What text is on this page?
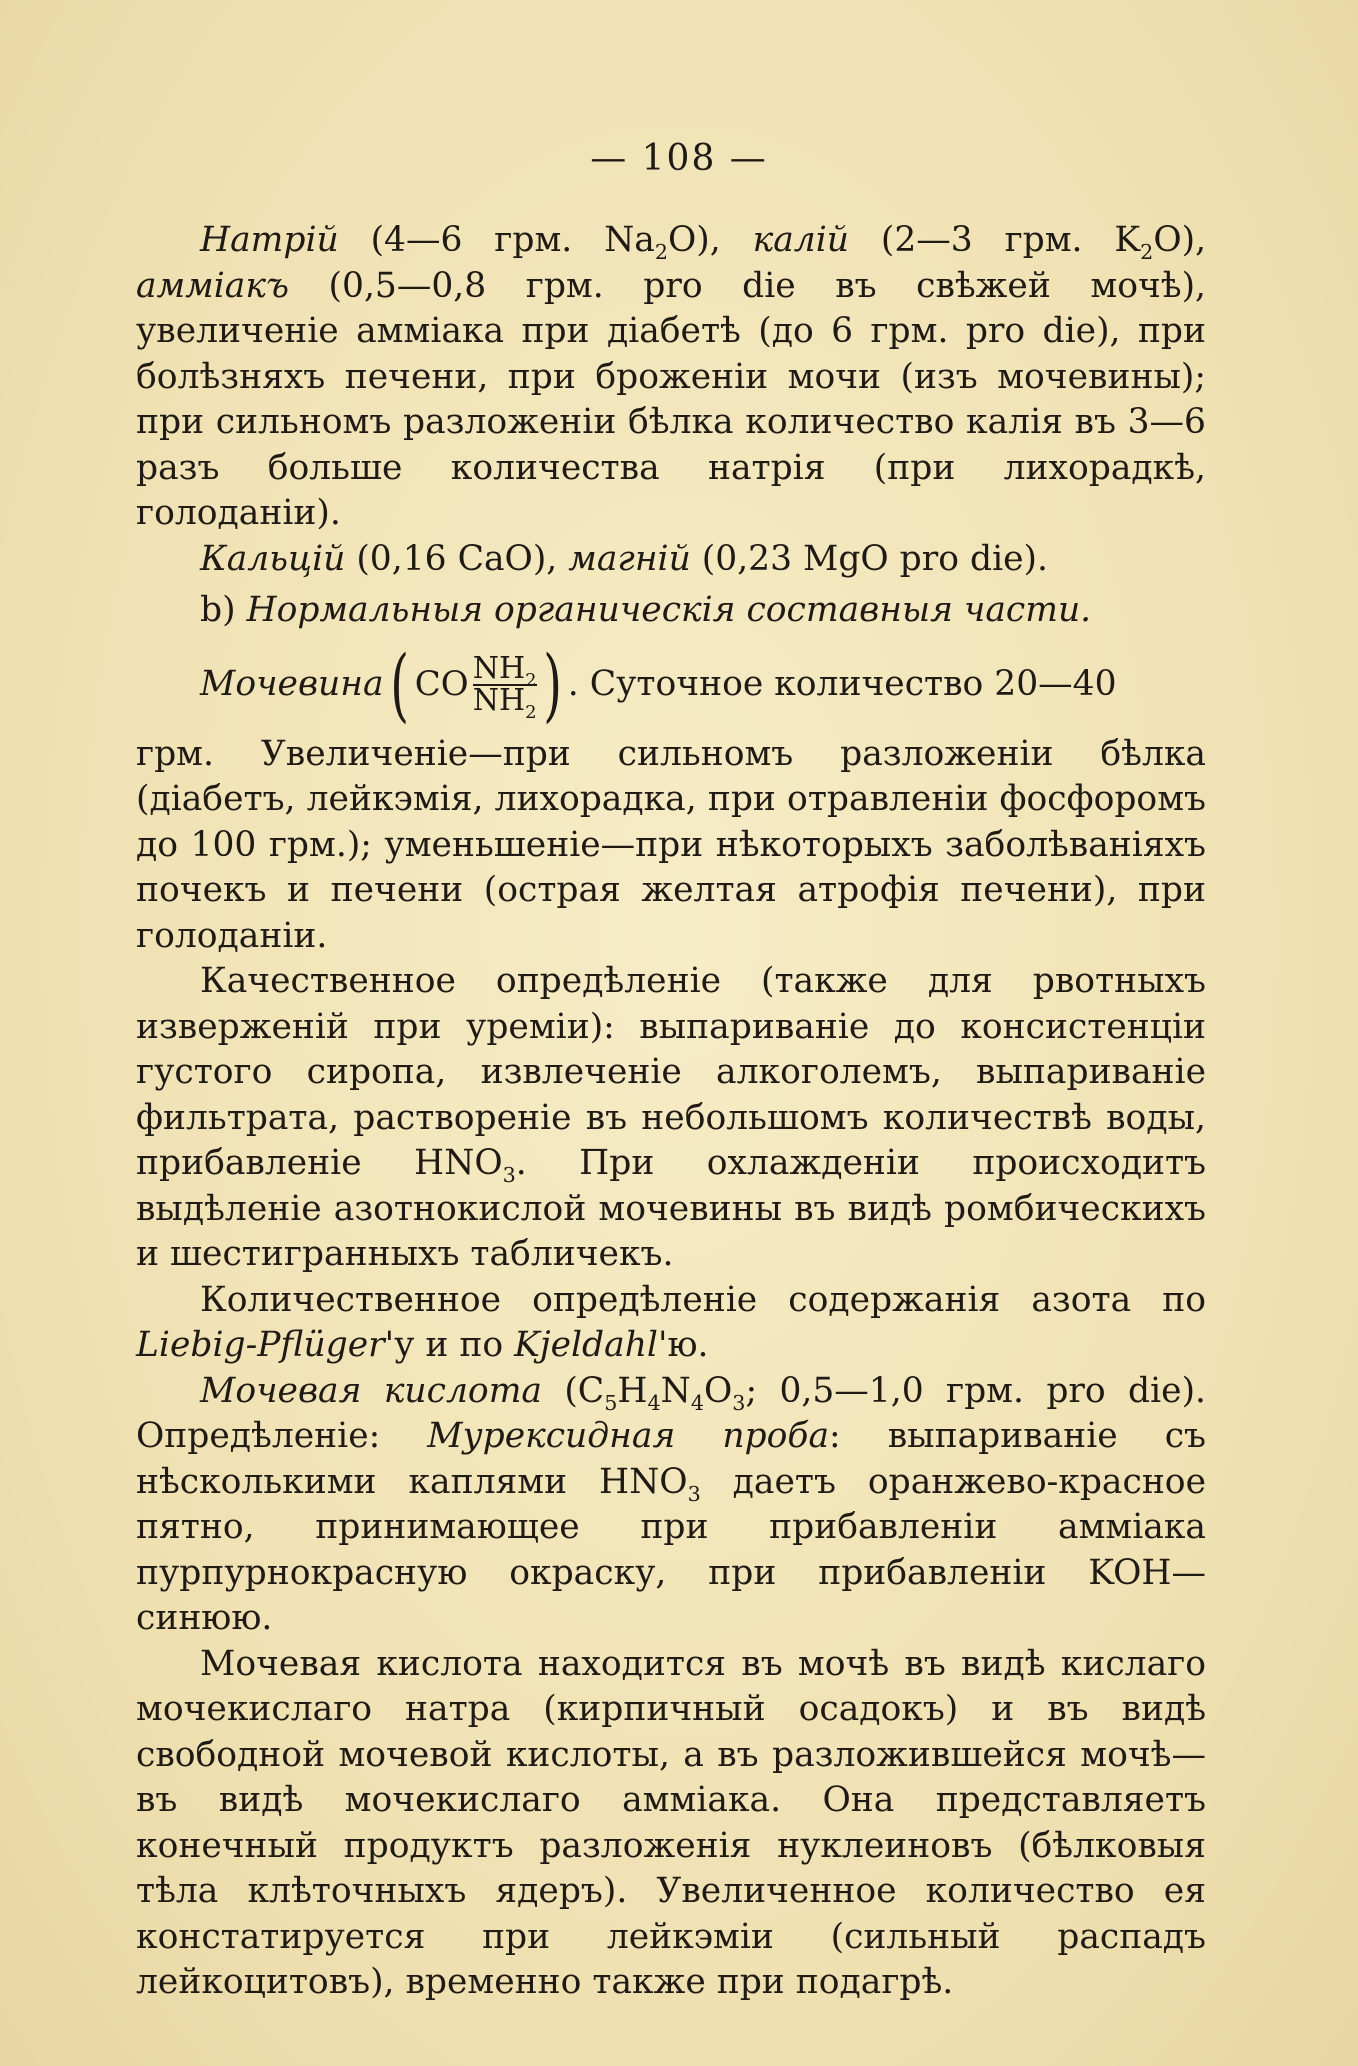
— 108 —

Натрій (4—6 грм. $Na_2O$), калій (2—3 грм. $K_2O$), амміакъ (0,5—0,8 грм. pro die въ свѣжей мочѣ), увеличеніе амміака при діабетѣ (до 6 грм. pro die), при болѣзняхъ печени, при броженіи мочи (изъ мочевины); при сильномъ разложеніи бѣлка количество калія въ 3—6 разъ больше количества натрія (при лихорадкѣ, голоданіи).

Кальцій (0,16 CaO), магній (0,23 MgO pro die).

b) Нормальныя органическія составныя части.

Мочевина ( CO $\frac{NH_2}{NH_2}$ ) . Суточное количество 20—40

грм. Увеличеніе—при сильномъ разложеніи бѣлка (діабетъ, лейкэмія, лихорадка, при отравленіи фосфоромъ до 100 грм.); уменьшеніе—при нѣкоторыхъ заболѣваніяхъ почекъ и печени (острая желтая атрофія печени), при голоданіи.

Качественное опредѣленіе (также для рвотныхъ изверженій при уреміи): выпариваніе до консистенціи густого сиропа, извлеченіе алкоголемъ, выпариваніе фильтрата, раствореніе въ небольшомъ количествѣ воды, прибавленіе $HNO_3$. При охлажденіи происходитъ выдѣленіе азотнокислой мочевины въ видѣ ромбическихъ и шестигранныхъ табличекъ.

Количественное опредѣленіе содержанія азота по Liebig-Pflüger'у и по Kjeldahl'ю.

Мочевая кислота ($C_5H_4N_4O_3$; 0,5—1,0 грм. pro die). Опредѣленіе: Мурексидная проба: выпариваніе съ нѣсколькими каплями $HNO_3$ даетъ оранжево-красное пятно, принимающее при прибавленіи амміака пурпурнокрасную окраску, при прибавленіи KOH—синюю.

Мочевая кислота находится въ мочѣ въ видѣ кислаго мочекислаго натра (кирпичный осадокъ) и въ видѣ свободной мочевой кислоты, а въ разложившейся мочѣ—въ видѣ мочекислаго амміака. Она представляетъ конечный продуктъ разложенія нуклеиновъ (бѣлковыя тѣла клѣточныхъ ядеръ). Увеличенное количество ея констатируется при лейкэміи (сильный распадъ лейкоцитовъ), временно также при подагрѣ.
